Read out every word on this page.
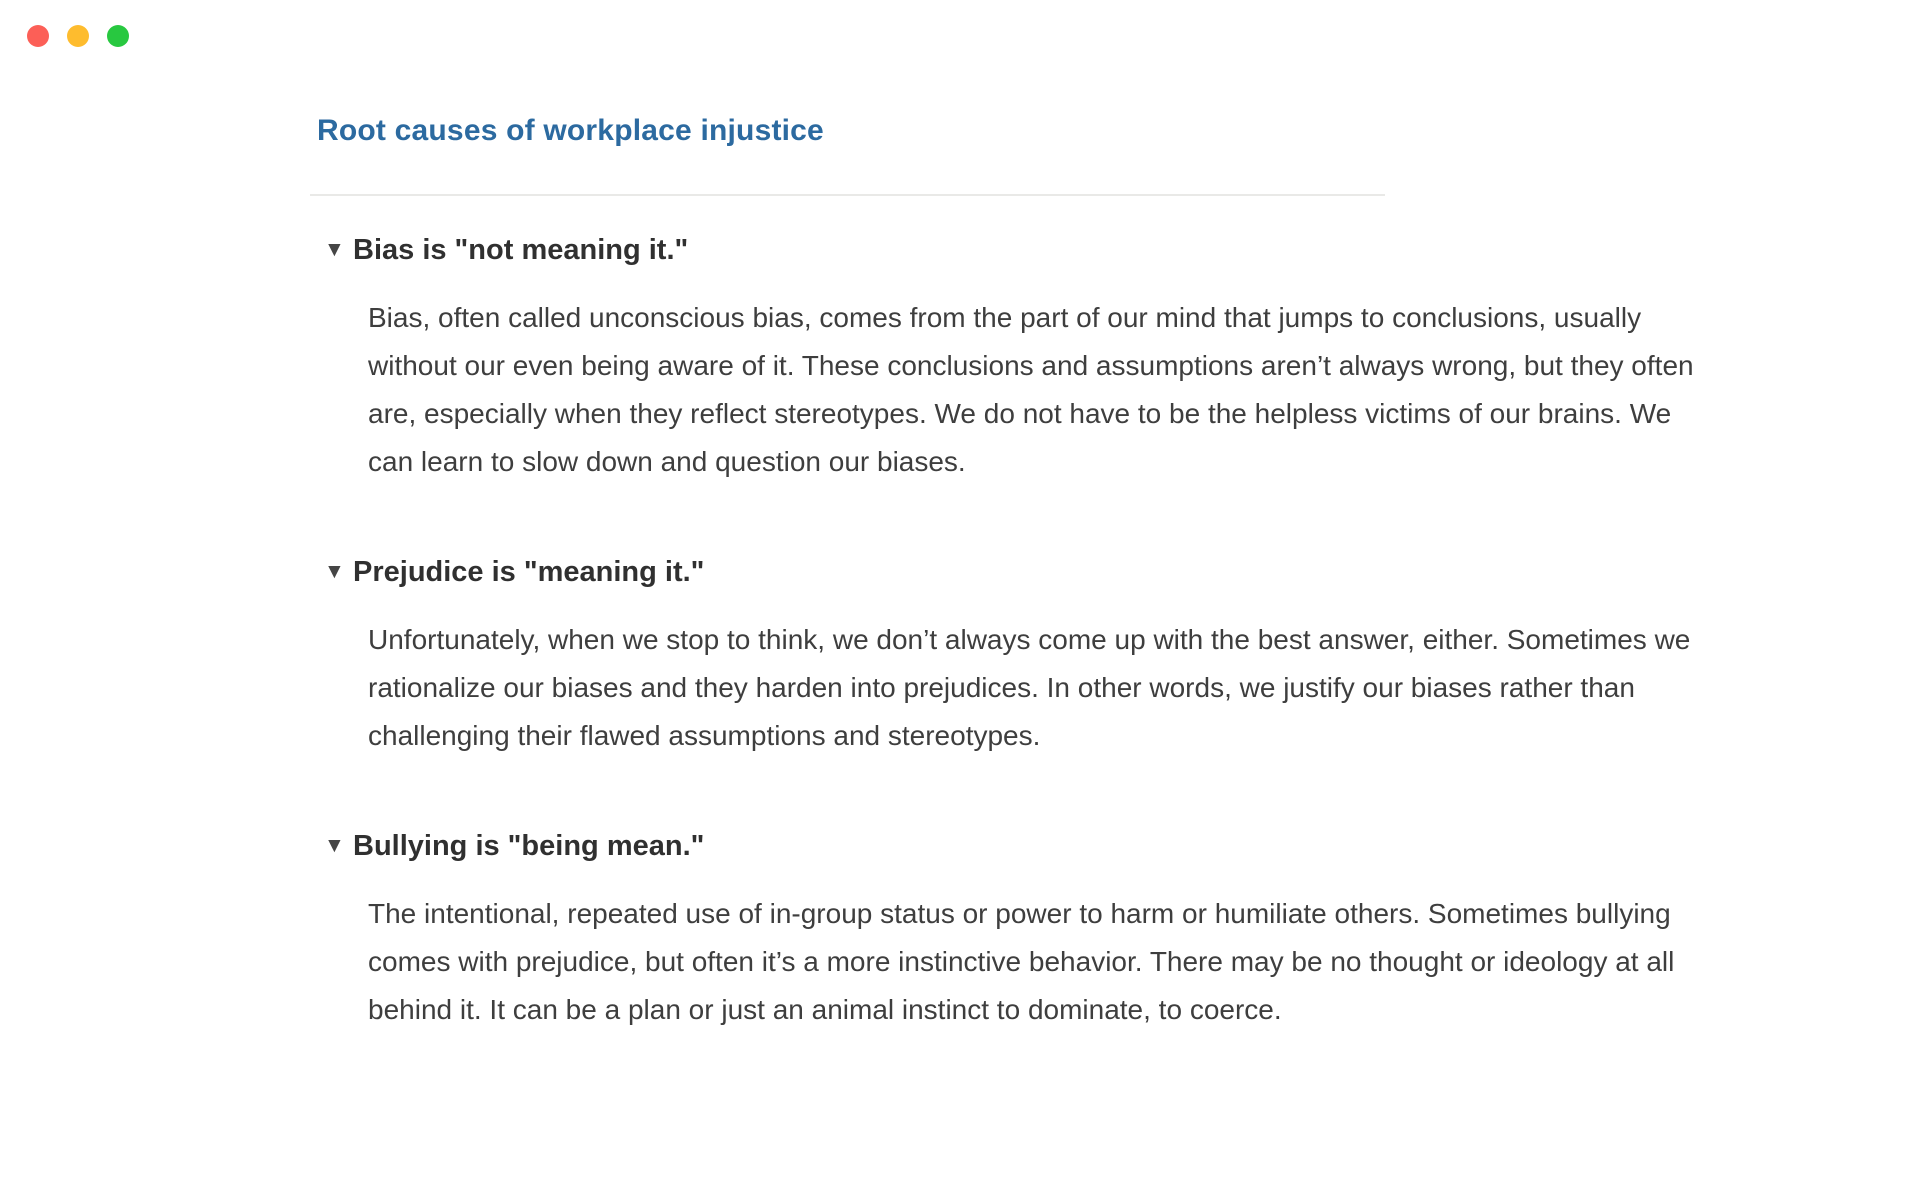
Root causes of workplace injustice
▼ Bias is "not meaning it."

Bias, often called unconscious bias, comes from the part of our mind that jumps to conclusions, usually without our even being aware of it. These conclusions and assumptions aren’t always wrong, but they often are, especially when they reflect stereotypes. We do not have to be the helpless victims of our brains. We can learn to slow down and question our biases.

▼ Prejudice is "meaning it."

Unfortunately, when we stop to think, we don’t always come up with the best answer, either. Sometimes we rationalize our biases and they harden into prejudices. In other words, we justify our biases rather than challenging their flawed assumptions and stereotypes.

▼ Bullying is "being mean."

The intentional, repeated use of in-group status or power to harm or humiliate others. Sometimes bullying comes with prejudice, but often it’s a more instinctive behavior. There may be no thought or ideology at all behind it. It can be a plan or just an animal instinct to dominate, to coerce.
